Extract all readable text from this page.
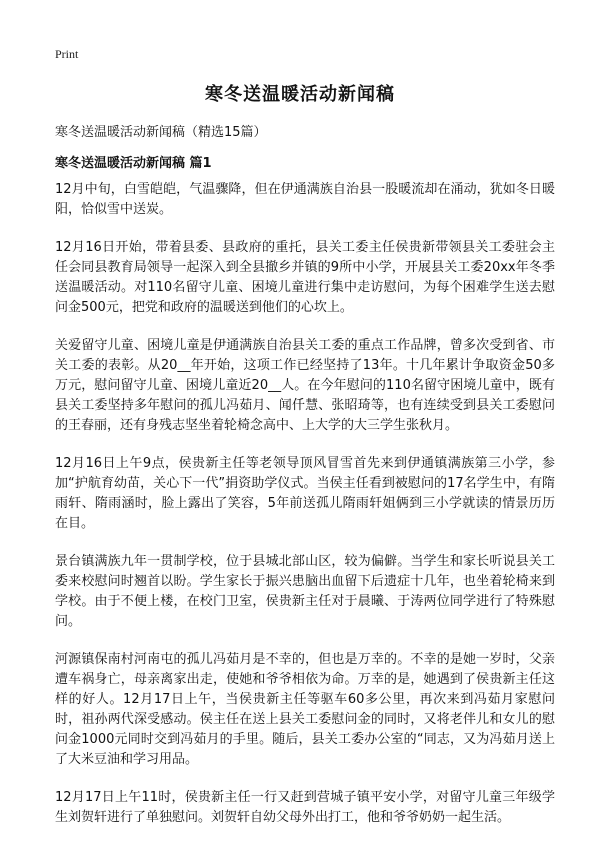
Print
寒冬送温暖活动新闻稿
寒冬送温暖活动新闻稿（精选15篇）
寒冬送温暖活动新闻稿 篇1

12月中旬，白雪皑皑，气温骤降，但在伊通满族自治县一股暖流却在涌动，犹如冬日暖阳，恰似雪中送炭。

12月16日开始，带着县委、县政府的重托，县关工委主任侯贵新带领县关工委驻会主任会同县教育局领导一起深入到全县撤乡并镇的9所中小学，开展县关工委20xx年冬季送温暖活动。对110名留守儿童、困境儿童进行集中走访慰问，为每个困难学生送去慰问金500元，把党和政府的温暖送到他们的心坎上。

关爱留守儿童、困境儿童是伊通满族自治县关工委的重点工作品牌，曾多次受到省、市关工委的表彰。从20__年开始，这项工作已经坚持了13年。十几年累计争取资金50多万元，慰问留守儿童、困境儿童近20__人。在今年慰问的110名留守困境儿童中，既有县关工委坚持多年慰问的孤儿冯茹月、闻仟慧、张昭琦等，也有连续受到县关工委慰问的王春丽，还有身残志坚坐着轮椅念高中、上大学的大三学生张秋月。

12月16日上午9点，侯贵新主任等老领导顶风冒雪首先来到伊通镇满族第三小学，参加“护航育幼苗，关心下一代”捐资助学仪式。当侯主任看到被慰问的17名学生中，有隋雨轩、隋雨涵时，脸上露出了笑容，5年前送孤儿隋雨轩姐俩到三小学就读的情景历历在目。

景台镇满族九年一贯制学校，位于县城北部山区，较为偏僻。当学生和家长听说县关工委来校慰问时翘首以盼。学生家长于振兴患脑出血留下后遗症十几年，也坐着轮椅来到学校。由于不便上楼，在校门卫室，侯贵新主任对于晨曦、于涛两位同学进行了特殊慰问。

河源镇保南村河南屯的孤儿冯茹月是不幸的，但也是万幸的。不幸的是她一岁时，父亲遭车祸身亡，母亲离家出走，使她和爷爷相依为命。万幸的是，她遇到了侯贵新主任这样的好人。12月17日上午，当侯贵新主任等驱车60多公里，再次来到冯茹月家慰问时，祖孙两代深受感动。侯主任在送上县关工委慰问金的同时，又将老伴儿和女儿的慰问金1000元同时交到冯茹月的手里。随后，县关工委办公室的“同志，又为冯茹月送上了大米豆油和学习用品。

12月17日上午11时，侯贵新主任一行又赶到营城子镇平安小学，对留守儿童三年级学生刘贺轩进行了单独慰问。刘贺轩自幼父母外出打工，他和爷爷奶奶一起生活。
